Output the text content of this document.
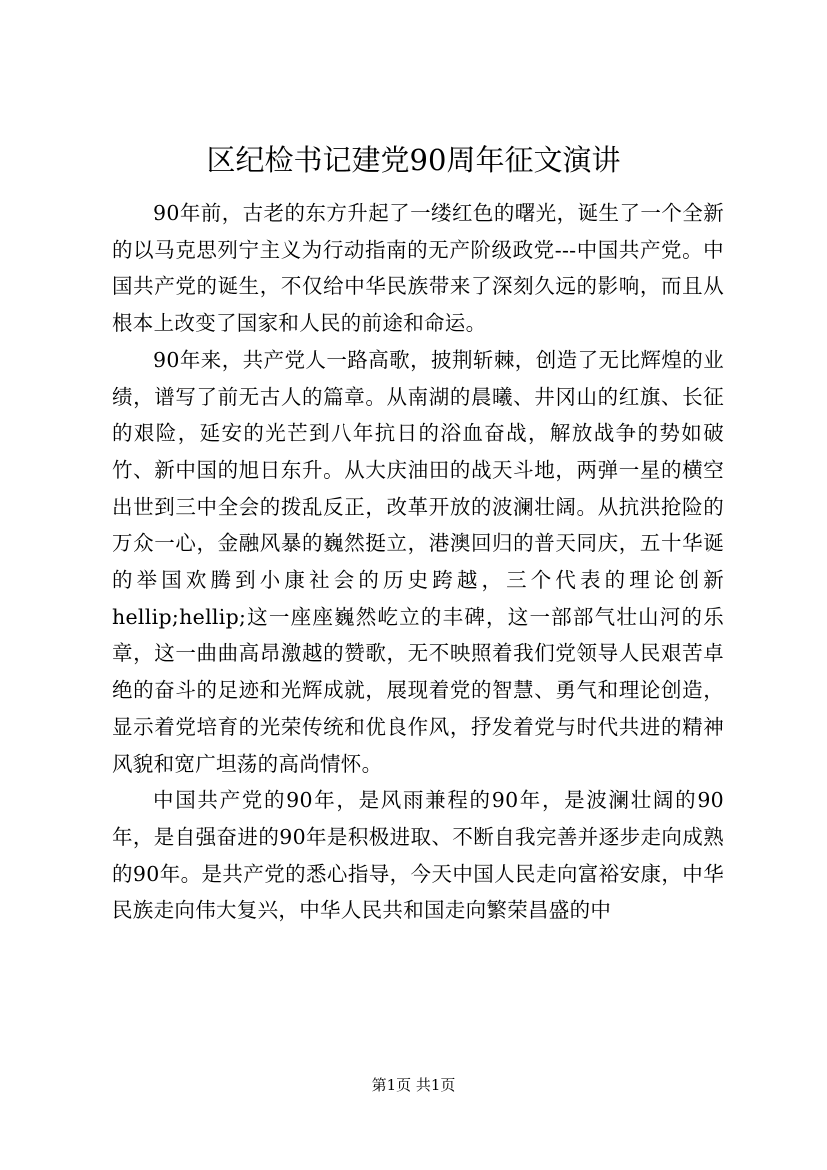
区纪检书记建党90周年征文演讲

90年前，古老的东方升起了一缕红色的曙光，诞生了一个全新的以马克思列宁主义为行动指南的无产阶级政党---中国共产党。中国共产党的诞生，不仅给中华民族带来了深刻久远的影响，而且从根本上改变了国家和人民的前途和命运。

90年来，共产党人一路高歌，披荆斩棘，创造了无比辉煌的业绩，谱写了前无古人的篇章。从南湖的晨曦、井冈山的红旗、长征的艰险，延安的光芒到八年抗日的浴血奋战，解放战争的势如破竹、新中国的旭日东升。从大庆油田的战天斗地，两弹一星的横空出世到三中全会的拨乱反正，改革开放的波澜壮阔。从抗洪抢险的万众一心，金融风暴的巍然挺立，港澳回归的普天同庆，五十华诞的举国欢腾到小康社会的历史跨越，三个代表的理论创新hellip;hellip;这一座座巍然屹立的丰碑，这一部部气壮山河的乐章，这一曲曲高昂激越的赞歌，无不映照着我们党领导人民艰苦卓绝的奋斗的足迹和光辉成就，展现着党的智慧、勇气和理论创造，显示着党培育的光荣传统和优良作风，抒发着党与时代共进的精神风貌和宽广坦荡的高尚情怀。

中国共产党的90年，是风雨兼程的90年，是波澜壮阔的90年，是自强奋进的90年是积极进取、不断自我完善并逐步走向成熟的90年。是共产党的悉心指导，今天中国人民走向富裕安康，中华民族走向伟大复兴，中华人民共和国走向繁荣昌盛的中

第1页 共1页
